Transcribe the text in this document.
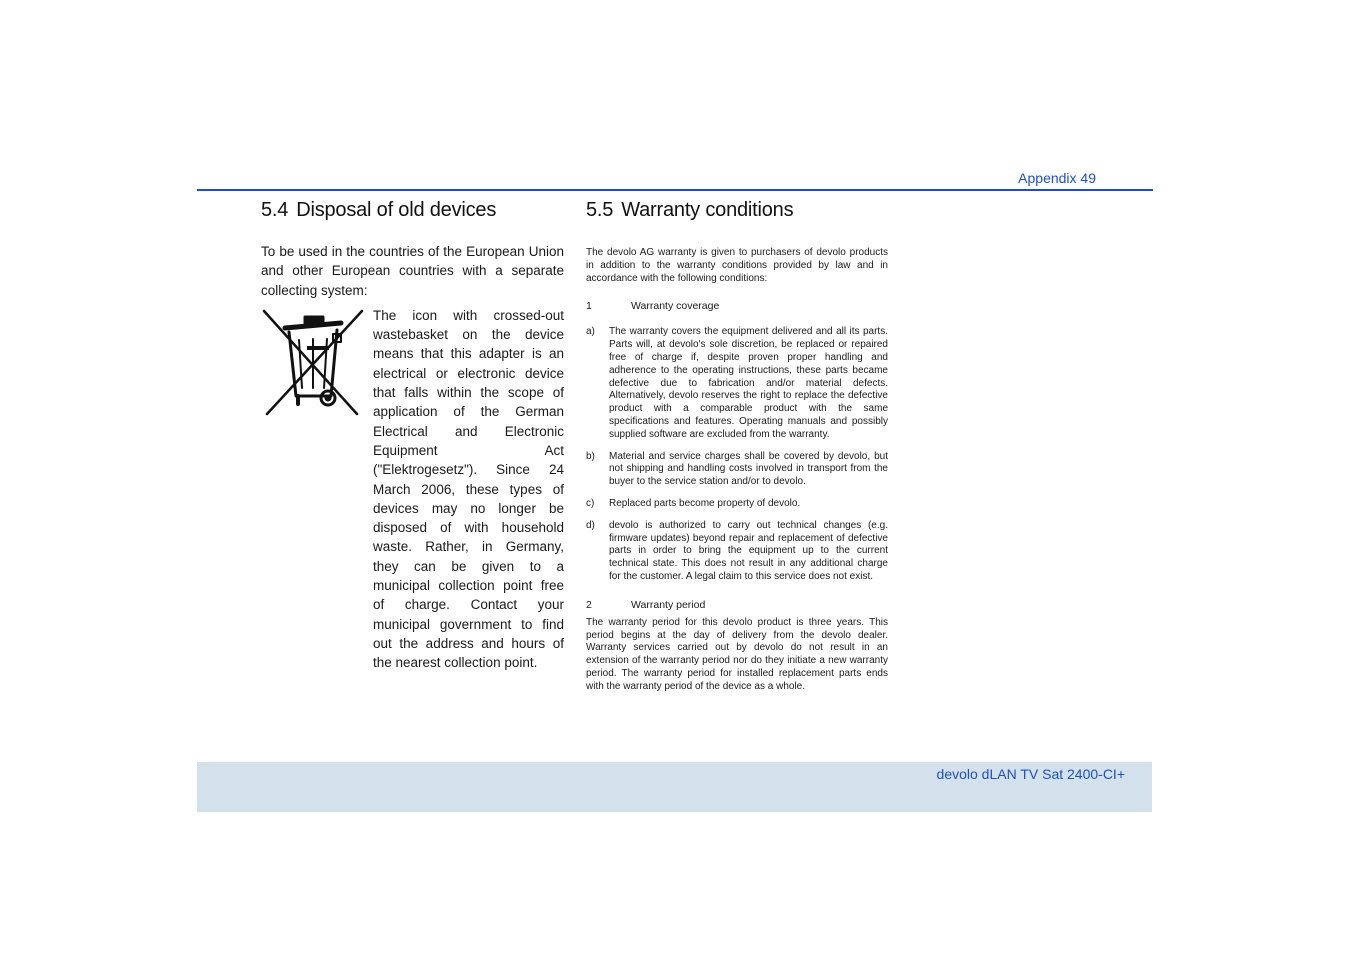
Appendix 49
5.4 Disposal of old devices

To be used in the countries of the European Union and other European countries with a separate collecting system:

The icon with crossed-out wastebasket on the device means that this adapter is an electrical or electronic device that falls within the scope of application of the German Electrical and Electronic Equipment Act ("Elektrogesetz"). Since 24 March 2006, these types of devices may no longer be disposed of with household waste. Rather, in Germany, they can be given to a municipal collection point free of charge. Contact your municipal government to find out the address and hours of the nearest collection point.

5.5 Warranty conditions

The devolo AG warranty is given to purchasers of devolo products in addition to the warranty conditions provided by law and in accordance with the following conditions:

1	Warranty coverage
a)	The warranty covers the equipment delivered and all its parts. Parts will, at devolo's sole discretion, be replaced or repaired free of charge if, despite proven proper handling and adherence to the operating instructions, these parts became defective due to fabrication and/or material defects. Alternatively, devolo reserves the right to replace the defective product with a comparable product with the same specifications and features. Operating manuals and possibly supplied software are excluded from the warranty.
b)	Material and service charges shall be covered by devolo, but not shipping and handling costs involved in transport from the buyer to the service station and/or to devolo.
c)	Replaced parts become property of devolo.
d)	devolo is authorized to carry out technical changes (e.g. firmware updates) beyond repair and replacement of defective parts in order to bring the equipment up to the current technical state. This does not result in any additional charge for the customer. A legal claim to this service does not exist.
2	Warranty period

The warranty period for this devolo product is three years. This period begins at the day of delivery from the devolo dealer. Warranty services carried out by devolo do not result in an extension of the warranty period nor do they initiate a new warranty period. The warranty period for installed replacement parts ends with the warranty period of the device as a whole.

devolo dLAN TV Sat 2400-CI+
